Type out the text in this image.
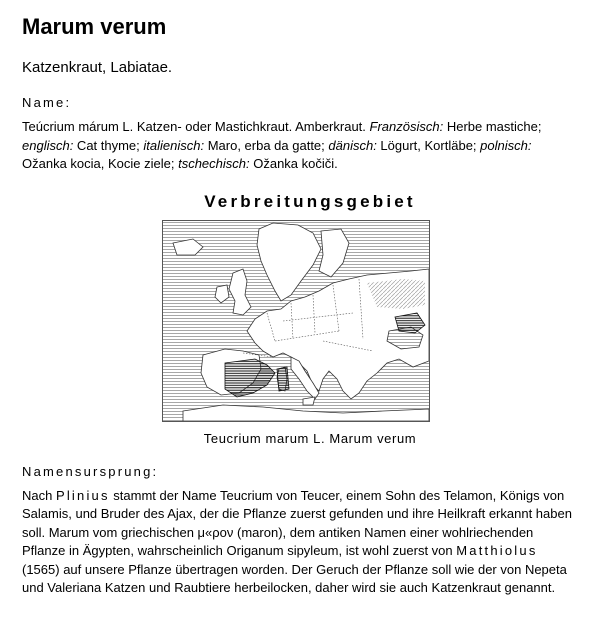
Marum verum
Katzenkraut, Labiatae.
Name:
Teúcrium márum L. Katzen- oder Mastichkraut. Amberkraut. Französisch: Herbe mastiche; englisch: Cat thyme; italienisch: Maro, erba da gatte; dänisch: Lögurt, Kortläbe; polnisch: Ožanka kocia, Kocie ziele; tschechisch: Ožanka kočiči.
Verbreitungsgebiet
Teucrium marum L. Marum verum
Namensursprung:
Nach Plinius stammt der Name Teucrium von Teucer, einem Sohn des Telamon, Königs von Salamis, und Bruder des Ajax, der die Pflanze zuerst gefunden und ihre Heilkraft erkannt haben soll. Marum vom griechischen μ«ρον (maron), dem antiken Namen einer wohlriechenden Pflanze in Ägypten, wahrscheinlich Origanum sipyleum, ist wohl zuerst von Matthiolus (1565) auf unsere Pflanze übertragen worden. Der Geruch der Pflanze soll wie der von Nepeta und Valeriana Katzen und Raubtiere herbeilocken, daher wird sie auch Katzenkraut genannt.
